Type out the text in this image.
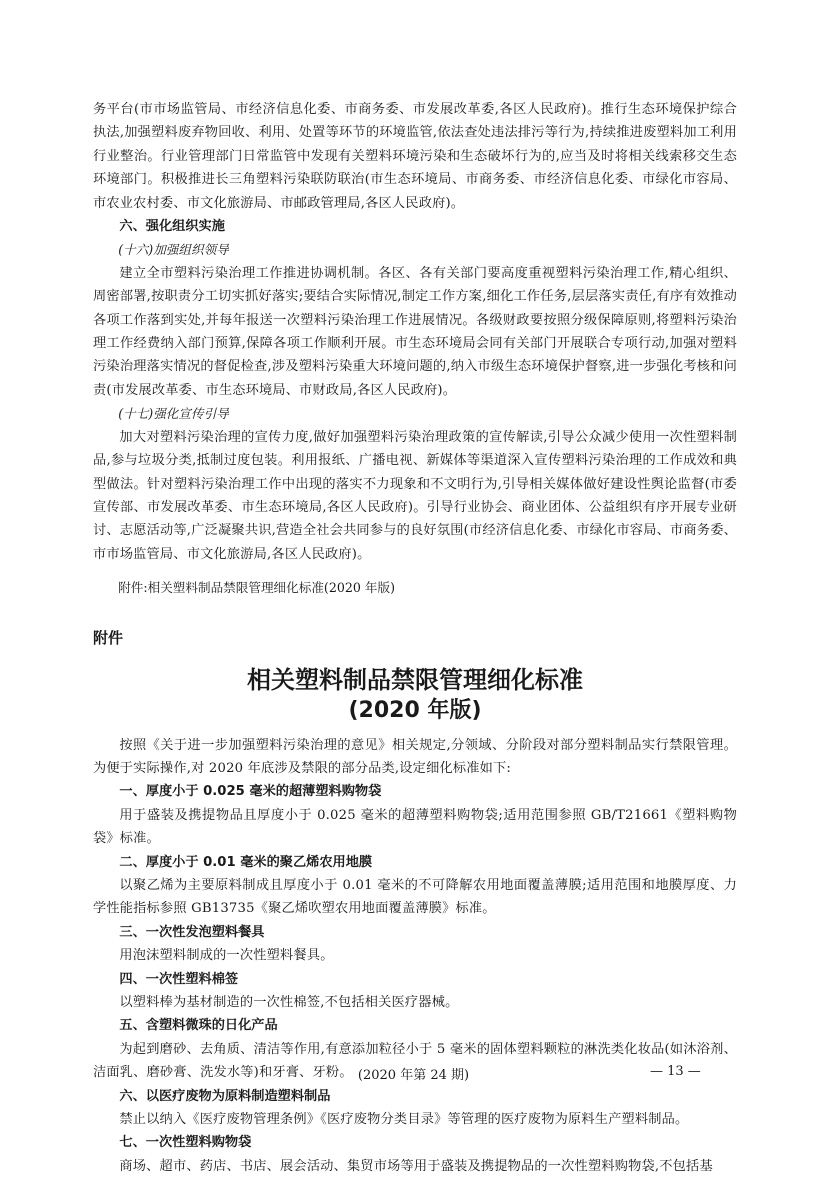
务平台(市市场监管局、市经济信息化委、市商务委、市发展改革委,各区人民政府)。推行生态环境保护综合执法,加强塑料废弃物回收、利用、处置等环节的环境监管,依法查处违法排污等行为,持续推进废塑料加工利用行业整治。行业管理部门日常监管中发现有关塑料环境污染和生态破坏行为的,应当及时将相关线索移交生态环境部门。积极推进长三角塑料污染联防联治(市生态环境局、市商务委、市经济信息化委、市绿化市容局、市农业农村委、市文化旅游局、市邮政管理局,各区人民政府)。

六、强化组织实施

(十六)加强组织领导

建立全市塑料污染治理工作推进协调机制。各区、各有关部门要高度重视塑料污染治理工作,精心组织、周密部署,按职责分工切实抓好落实;要结合实际情况,制定工作方案,细化工作任务,层层落实责任,有序有效推动各项工作落到实处,并每年报送一次塑料污染治理工作进展情况。各级财政要按照分级保障原则,将塑料污染治理工作经费纳入部门预算,保障各项工作顺利开展。市生态环境局会同有关部门开展联合专项行动,加强对塑料污染治理落实情况的督促检查,涉及塑料污染重大环境问题的,纳入市级生态环境保护督察,进一步强化考核和问责(市发展改革委、市生态环境局、市财政局,各区人民政府)。

(十七)强化宣传引导

加大对塑料污染治理的宣传力度,做好加强塑料污染治理政策的宣传解读,引导公众减少使用一次性塑料制品,参与垃圾分类,抵制过度包装。利用报纸、广播电视、新媒体等渠道深入宣传塑料污染治理的工作成效和典型做法。针对塑料污染治理工作中出现的落实不力现象和不文明行为,引导相关媒体做好建设性舆论监督(市委宣传部、市发展改革委、市生态环境局,各区人民政府)。引导行业协会、商业团体、公益组织有序开展专业研讨、志愿活动等,广泛凝聚共识,营造全社会共同参与的良好氛围(市经济信息化委、市绿化市容局、市商务委、市市场监管局、市文化旅游局,各区人民政府)。

附件:相关塑料制品禁限管理细化标准(2020 年版)

附件

相关塑料制品禁限管理细化标准

(2020 年版)

按照《关于进一步加强塑料污染治理的意见》相关规定,分领域、分阶段对部分塑料制品实行禁限管理。为便于实际操作,对 2020 年底涉及禁限的部分品类,设定细化标准如下:

一、厚度小于 0.025 毫米的超薄塑料购物袋

用于盛装及携提物品且厚度小于 0.025 毫米的超薄塑料购物袋;适用范围参照 GB/T21661《塑料购物袋》标准。

二、厚度小于 0.01 毫米的聚乙烯农用地膜

以聚乙烯为主要原料制成且厚度小于 0.01 毫米的不可降解农用地面覆盖薄膜;适用范围和地膜厚度、力学性能指标参照 GB13735《聚乙烯吹塑农用地面覆盖薄膜》标准。

三、一次性发泡塑料餐具

用泡沫塑料制成的一次性塑料餐具。

四、一次性塑料棉签

以塑料棒为基材制造的一次性棉签,不包括相关医疗器械。

五、含塑料微珠的日化产品

为起到磨砂、去角质、清洁等作用,有意添加粒径小于 5 毫米的固体塑料颗粒的淋洗类化妆品(如沐浴剂、洁面乳、磨砂膏、洗发水等)和牙膏、牙粉。

六、以医疗废物为原料制造塑料制品

禁止以纳入《医疗废物管理条例》《医疗废物分类目录》等管理的医疗废物为原料生产塑料制品。

七、一次性塑料购物袋

商场、超市、药店、书店、展会活动、集贸市场等用于盛装及携提物品的一次性塑料购物袋,不包括基

(2020 年第 24 期)	— 13 —
